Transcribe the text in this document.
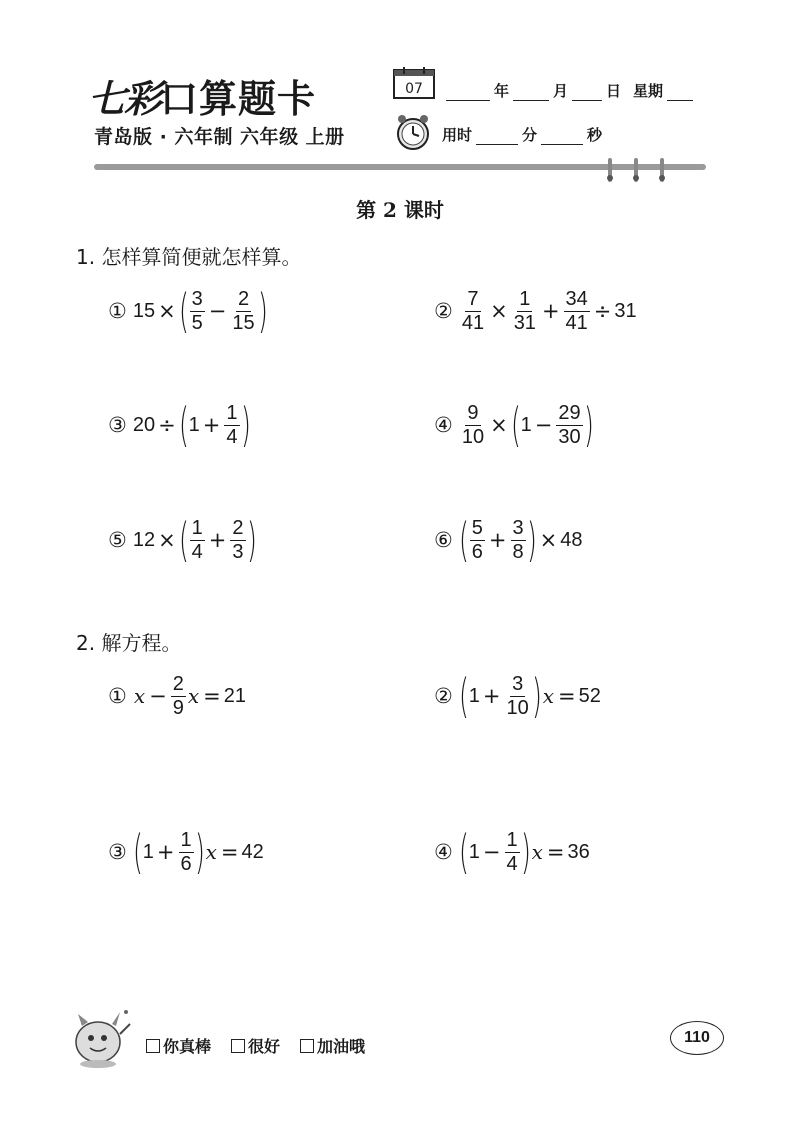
七彩口算题卡
青岛版 · 六年制 六年级 上册
07	年	月	日 星期
用时	分	秒
第 2 课时
1. 怎样算简便就怎样算。
① 15 × ( $\frac{3}{5} - \frac{2}{15}$ )	② $\frac{7}{41} \times \frac{1}{31} + \frac{34}{41} \div 31$
③ 20 ÷ ( $1 + \frac{1}{4}$ )	④ $\frac{9}{10}$ × ( $1 - \frac{29}{30}$ )
⑤ 12 × ( $\frac{1}{4} + \frac{2}{3}$ )	⑥ ( $\frac{5}{6} + \frac{3}{8}$ ) × 48
2. 解方程。
① $x - \frac{2}{9}$ x = 21	② ( $1 + \frac{3}{10}$ ) x = 52
③ ( $1 + \frac{1}{6}$ ) x = 42	④ ( $1 - \frac{1}{4}$ ) x = 36
你真棒	很好	加油哦	110
